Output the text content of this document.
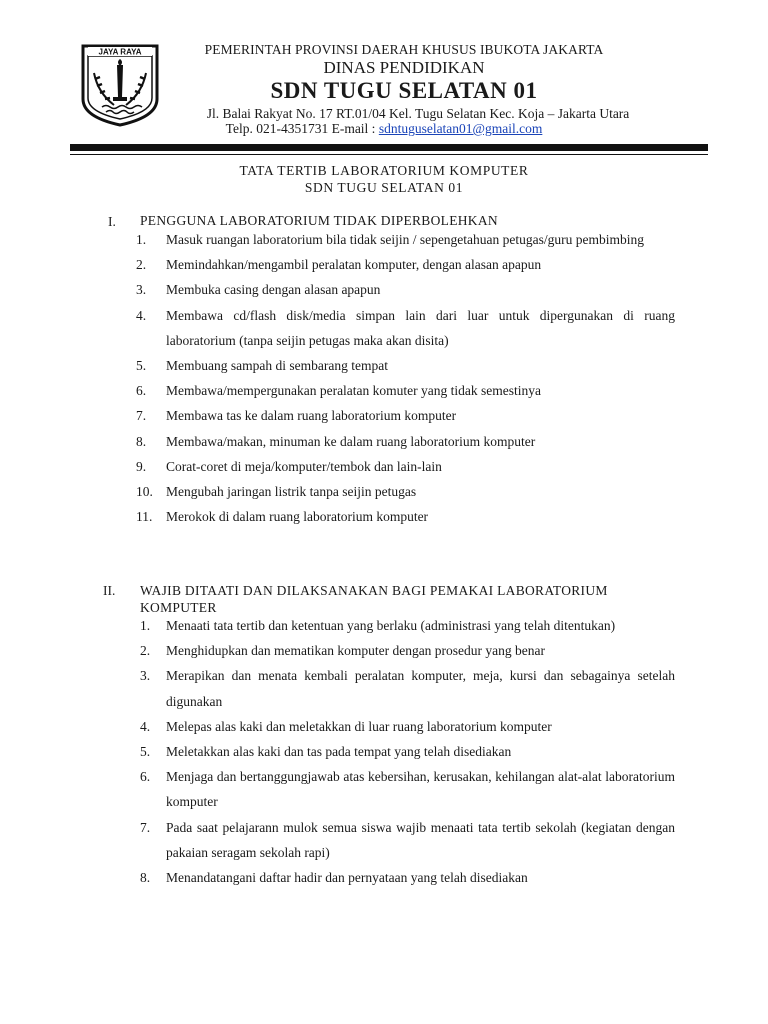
JAYA RAYA	PEMERINTAH PROVINSI DAERAH KHUSUS IBUKOTA JAKARTA
DINAS PENDIDIKAN
SDN TUGU SELATAN 01
Jl. Balai Rakyat No. 17 RT.01/04 Kel. Tugu Selatan Kec. Koja – Jakarta Utara
Telp. 021-4351731 E-mail : sdntuguselatan01@gmail.com
TATA TERTIB LABORATORIUM KOMPUTER
SDN TUGU SELATAN 01
I. PENGGUNA LABORATORIUM TIDAK DIPERBOLEHKAN
1. Masuk ruangan laboratorium bila tidak seijin / sepengetahuan petugas/guru pembimbing
2. Memindahkan/mengambil peralatan komputer, dengan alasan apapun
3. Membuka casing dengan alasan apapun
4. Membawa cd/flash disk/media simpan lain dari luar untuk dipergunakan di ruang laboratorium (tanpa seijin petugas maka akan disita)
5. Membuang sampah di sembarang tempat
6. Membawa/mempergunakan peralatan komuter yang tidak semestinya
7. Membawa tas ke dalam ruang laboratorium komputer
8. Membawa/makan, minuman ke dalam ruang laboratorium komputer
9. Corat-coret di meja/komputer/tembok dan lain-lain
10. Mengubah jaringan listrik tanpa seijin petugas
11. Merokok di dalam ruang laboratorium komputer
II. WAJIB DITAATI DAN DILAKSANAKAN BAGI PEMAKAI LABORATORIUM KOMPUTER
1. Menaati tata tertib dan ketentuan yang berlaku (administrasi yang telah ditentukan)
2. Menghidupkan dan mematikan komputer dengan prosedur yang benar
3. Merapikan dan menata kembali peralatan komputer, meja, kursi dan sebagainya setelah digunakan
4. Melepas alas kaki dan meletakkan di luar ruang laboratorium komputer
5. Meletakkan alas kaki dan tas pada tempat yang telah disediakan
6. Menjaga dan bertanggungjawab atas kebersihan, kerusakan, kehilangan alat-alat laboratorium komputer
7. Pada saat pelajarann mulok semua siswa wajib menaati tata tertib sekolah (kegiatan dengan pakaian seragam sekolah rapi)
8. Menandatangani daftar hadir dan pernyataan yang telah disediakan
